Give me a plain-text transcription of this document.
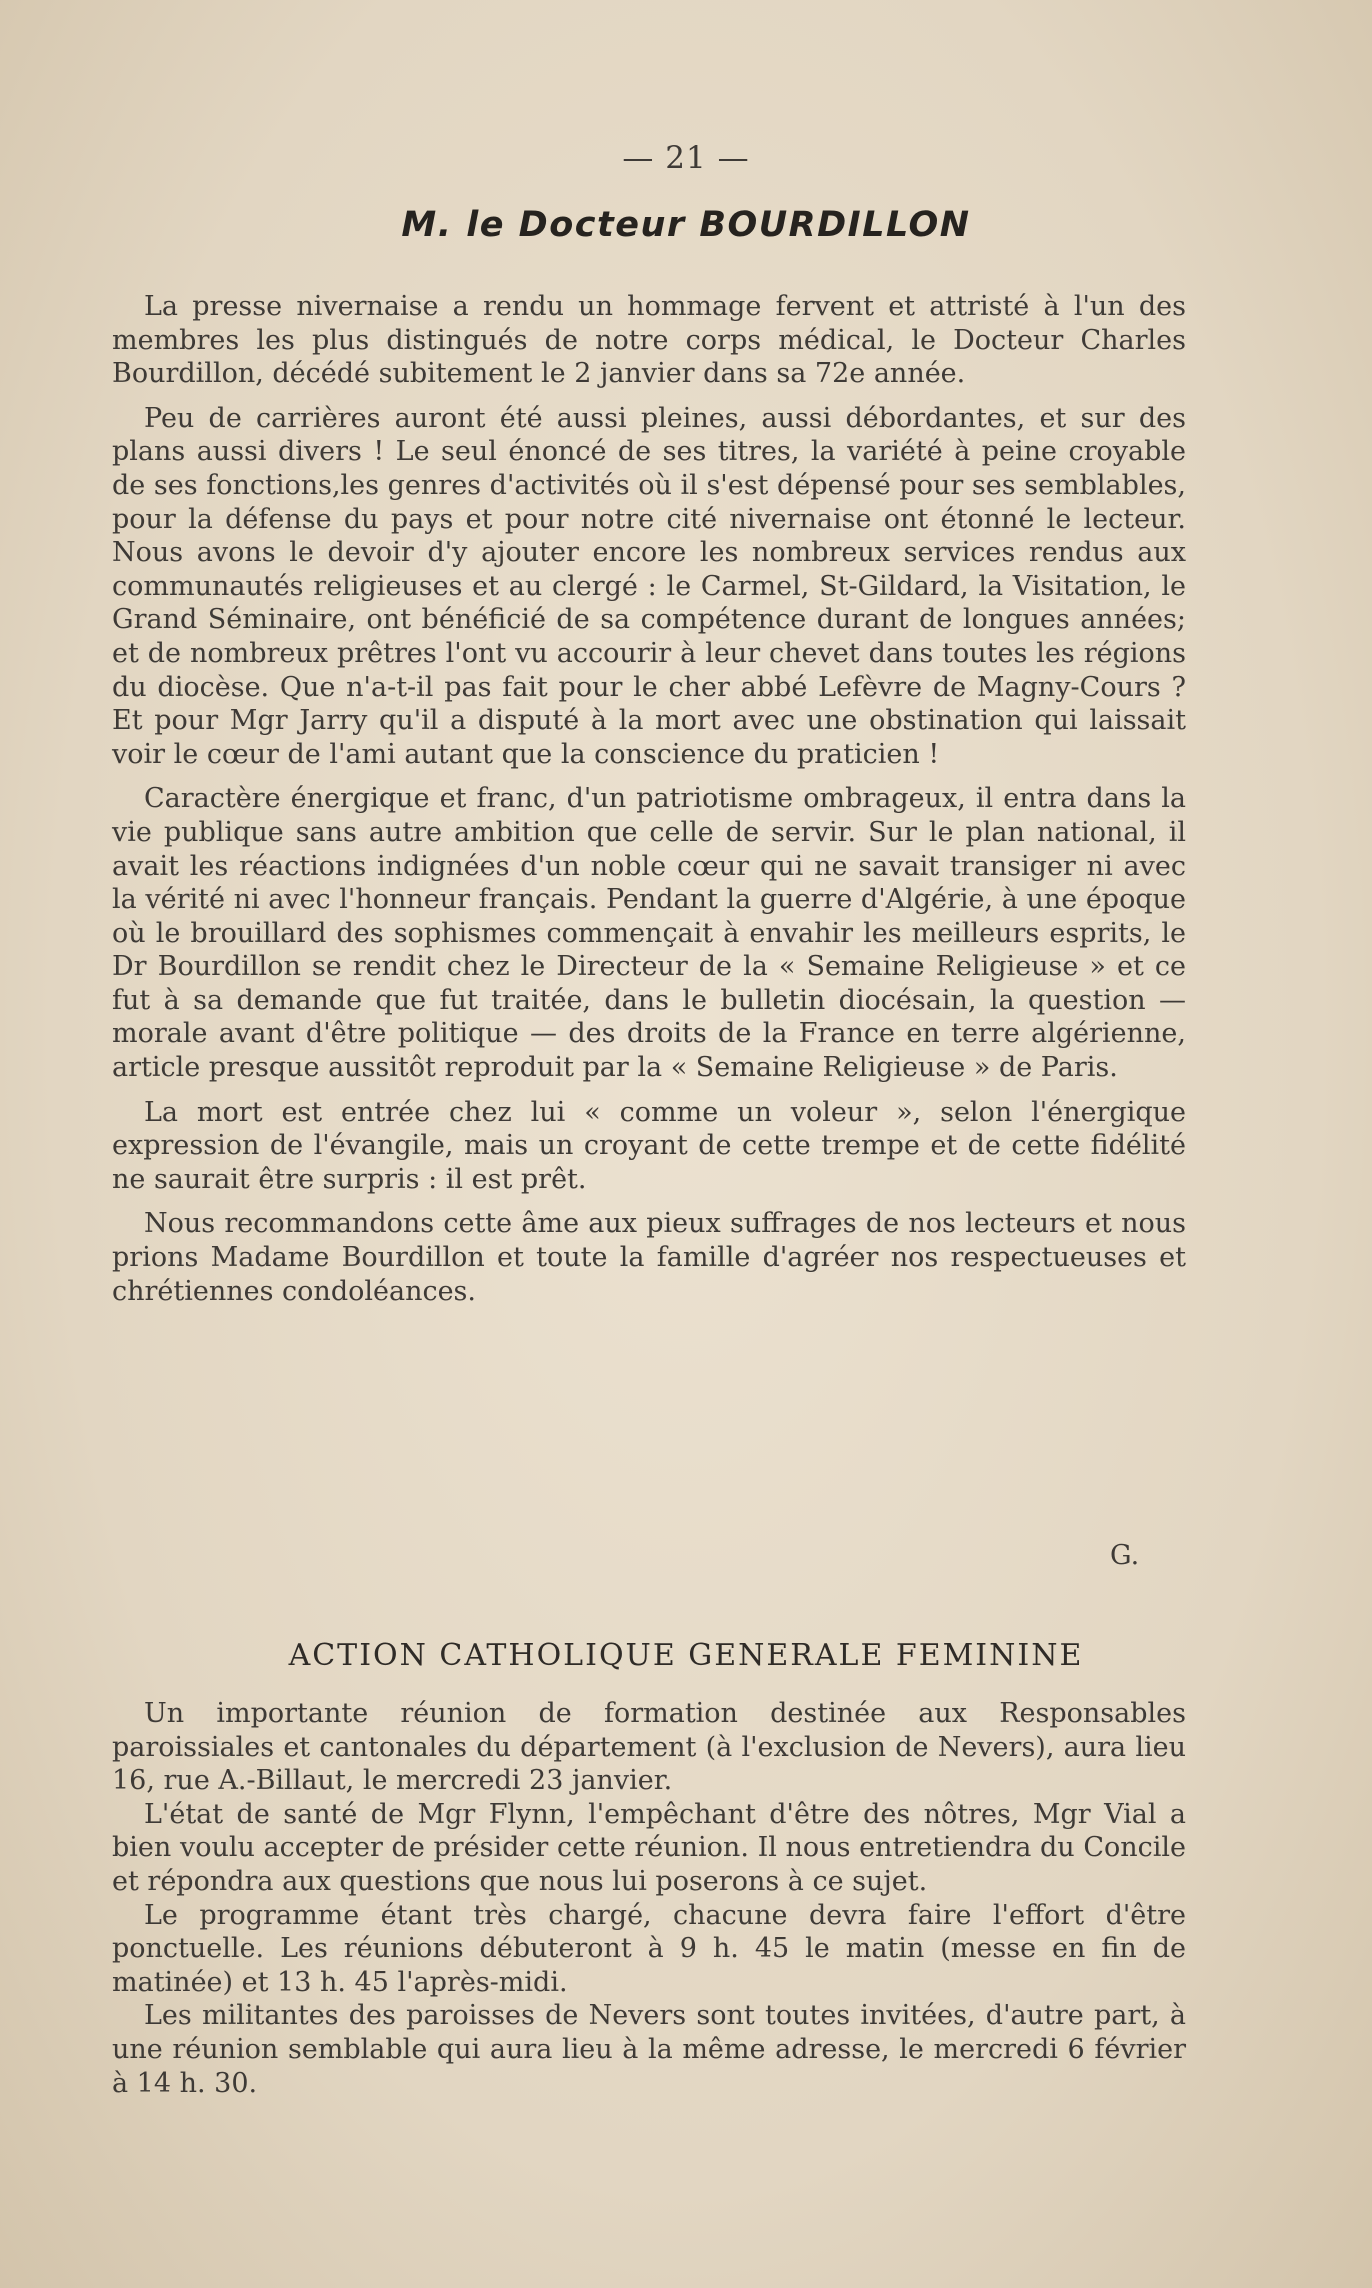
— 21 —
M. le Docteur BOURDILLON

La presse nivernaise a rendu un hommage fervent et attristé à l'un des membres les plus distingués de notre corps médical, le Docteur Charles Bourdillon, décédé subitement le 2 janvier dans sa 72e année.

Peu de carrières auront été aussi pleines, aussi débordantes, et sur des plans aussi divers ! Le seul énoncé de ses titres, la variété à peine croyable de ses fonctions,les genres d'activités où il s'est dépensé pour ses semblables, pour la défense du pays et pour notre cité nivernaise ont étonné le lecteur. Nous avons le devoir d'y ajouter encore les nombreux services rendus aux communautés religieuses et au clergé : le Carmel, St-Gildard, la Visitation, le Grand Séminaire, ont bénéficié de sa compétence durant de longues années; et de nombreux prêtres l'ont vu accourir à leur chevet dans toutes les régions du diocèse. Que n'a-t-il pas fait pour le cher abbé Lefèvre de Magny-Cours ? Et pour Mgr Jarry qu'il a disputé à la mort avec une obstination qui laissait voir le cœur de l'ami autant que la conscience du praticien !

Caractère énergique et franc, d'un patriotisme ombrageux, il entra dans la vie publique sans autre ambition que celle de servir. Sur le plan national, il avait les réactions indignées d'un noble cœur qui ne savait transiger ni avec la vérité ni avec l'honneur français. Pendant la guerre d'Algérie, à une époque où le brouillard des sophismes commençait à envahir les meilleurs esprits, le Dr Bourdillon se rendit chez le Directeur de la « Semaine Religieuse » et ce fut à sa demande que fut traitée, dans le bulletin diocésain, la question — morale avant d'être politique — des droits de la France en terre algérienne, article presque aussitôt reproduit par la « Semaine Religieuse » de Paris.

La mort est entrée chez lui « comme un voleur », selon l'énergique expression de l'évangile, mais un croyant de cette trempe et de cette fidélité ne saurait être surpris : il est prêt.

Nous recommandons cette âme aux pieux suffrages de nos lecteurs et nous prions Madame Bourdillon et toute la famille d'agréer nos respectueuses et chrétiennes condoléances.

G.
ACTION CATHOLIQUE GENERALE FEMININE

Un importante réunion de formation destinée aux Responsables paroissiales et cantonales du département (à l'exclusion de Nevers), aura lieu 16, rue A.-Billaut, le mercredi 23 janvier.

L'état de santé de Mgr Flynn, l'empêchant d'être des nôtres, Mgr Vial a bien voulu accepter de présider cette réunion. Il nous entretiendra du Concile et répondra aux questions que nous lui poserons à ce sujet.

Le programme étant très chargé, chacune devra faire l'effort d'être ponctuelle. Les réunions débuteront à 9 h. 45 le matin (messe en fin de matinée) et 13 h. 45 l'après-midi.

Les militantes des paroisses de Nevers sont toutes invitées, d'autre part, à une réunion semblable qui aura lieu à la même adresse, le mercredi 6 février à 14 h. 30.
